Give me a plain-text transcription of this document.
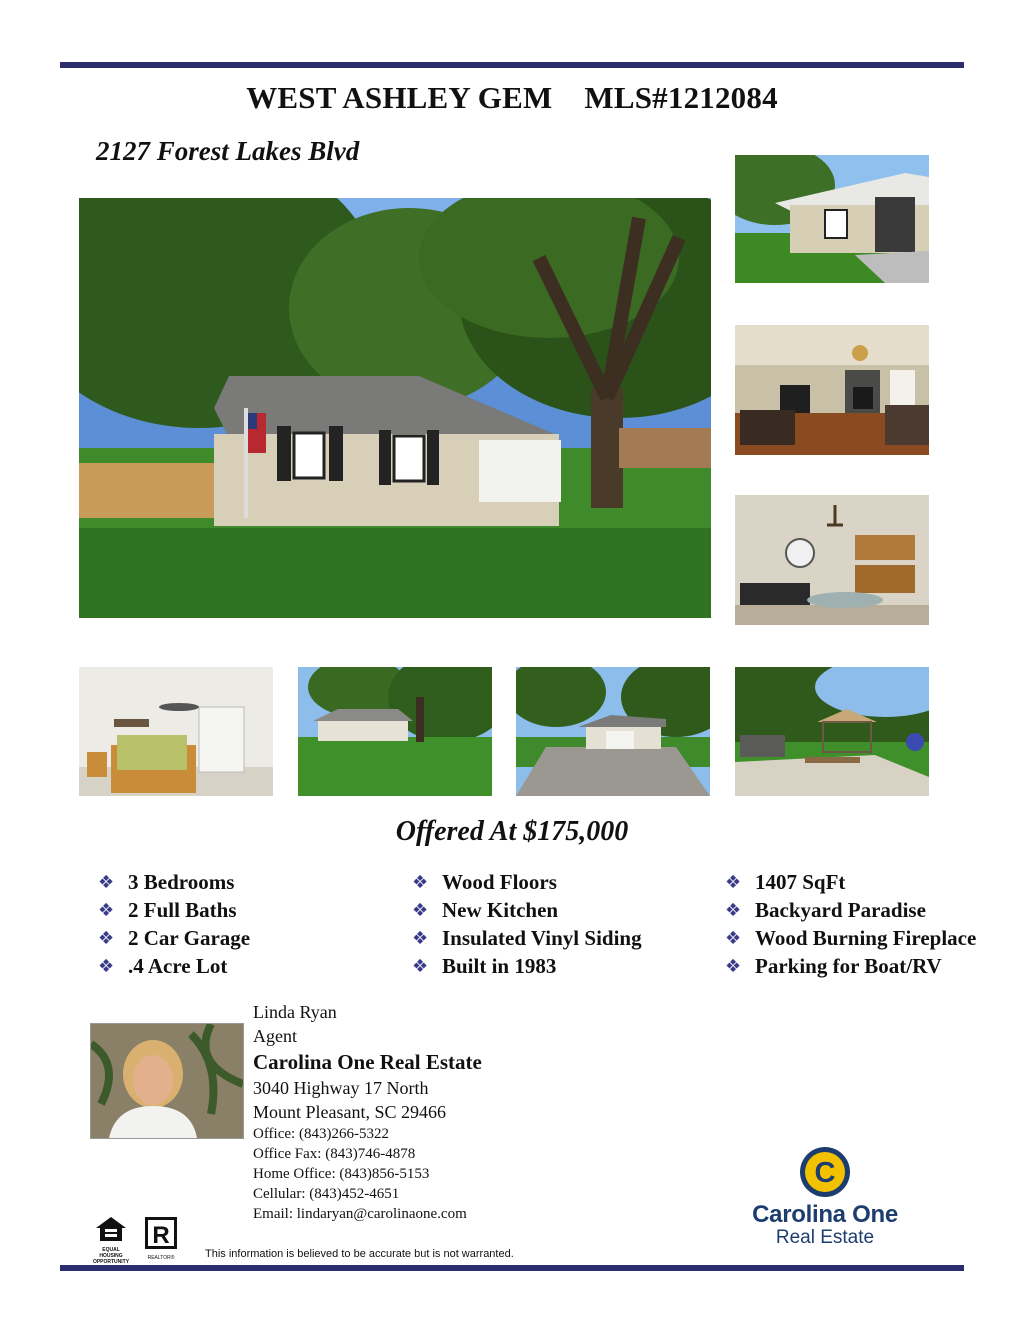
WEST ASHLEY GEM MLS#1212084
2127 Forest Lakes Blvd
Offered At $175,000
❖ 3 Bedrooms
❖ 2 Full Baths
❖ 2 Car Garage
❖ .4 Acre Lot
❖ Wood Floors
❖ New Kitchen
❖ Insulated Vinyl Siding
❖ Built in 1983
❖ 1407 SqFt
❖ Backyard Paradise
❖ Wood Burning Fireplace
❖ Parking for Boat/RV
Linda Ryan
Agent
Carolina One Real Estate
3040 Highway 17 North
Mount Pleasant, SC 29466
Office: (843)266-5322
Office Fax: (843)746-4878
Home Office: (843)856-5153
Cellular: (843)452-4651
Email: lindaryan@carolinaone.com
C
Carolina One
Real Estate
EQUAL HOUSING OPPORTUNITY
R
REALTOR®	This information is believed to be accurate but is not warranted.
